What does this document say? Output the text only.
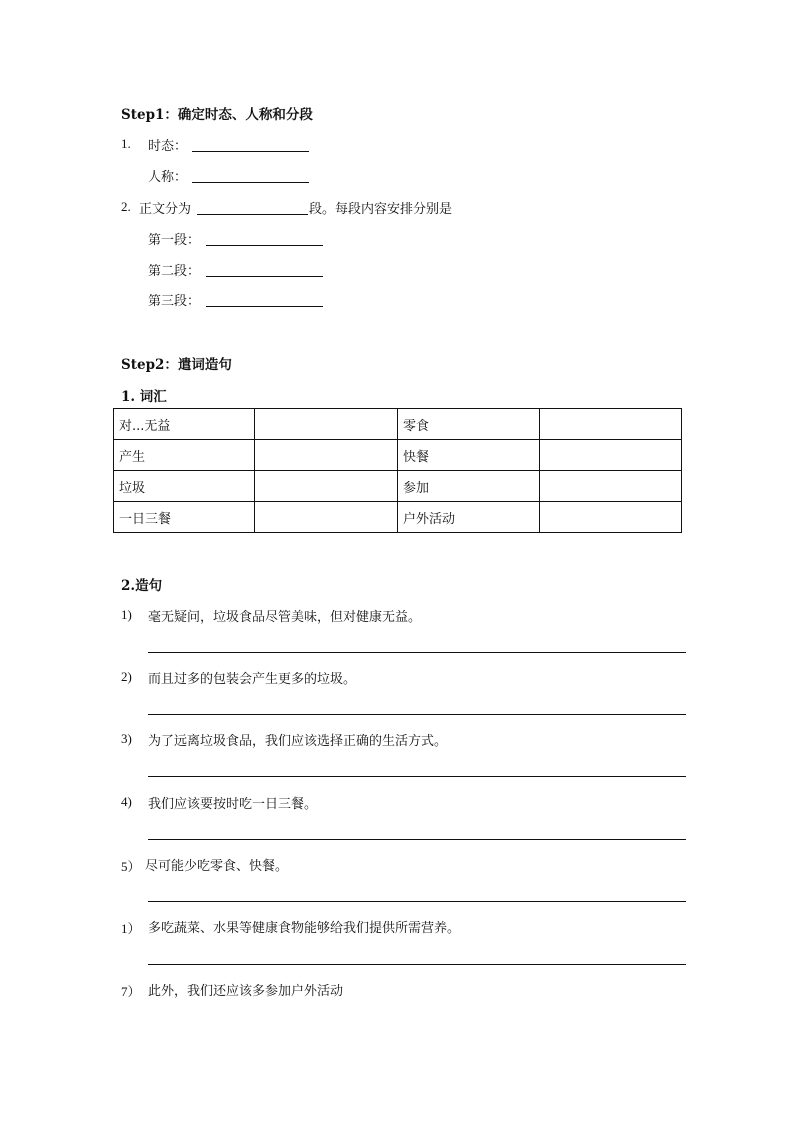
Step1：确定时态、人称和分段
1. 时态：
人称：
2. 正文分为	段。每段内容安排分别是
第一段：
第二段：
第三段：
Step2：遣词造句
1. 词汇
对...无益		零食	
产生		快餐	
垃圾		参加	
一日三餐		户外活动	
2.造句
1) 毫无疑问，垃圾食品尽管美味，但对健康无益。
2) 而且过多的包装会产生更多的垃圾。
3) 为了远离垃圾食品，我们应该选择正确的生活方式。
4) 我们应该要按时吃一日三餐。
5） 尽可能少吃零食、快餐。
1） 多吃蔬菜、水果等健康食物能够给我们提供所需营养。
7） 此外，我们还应该多参加户外活动
